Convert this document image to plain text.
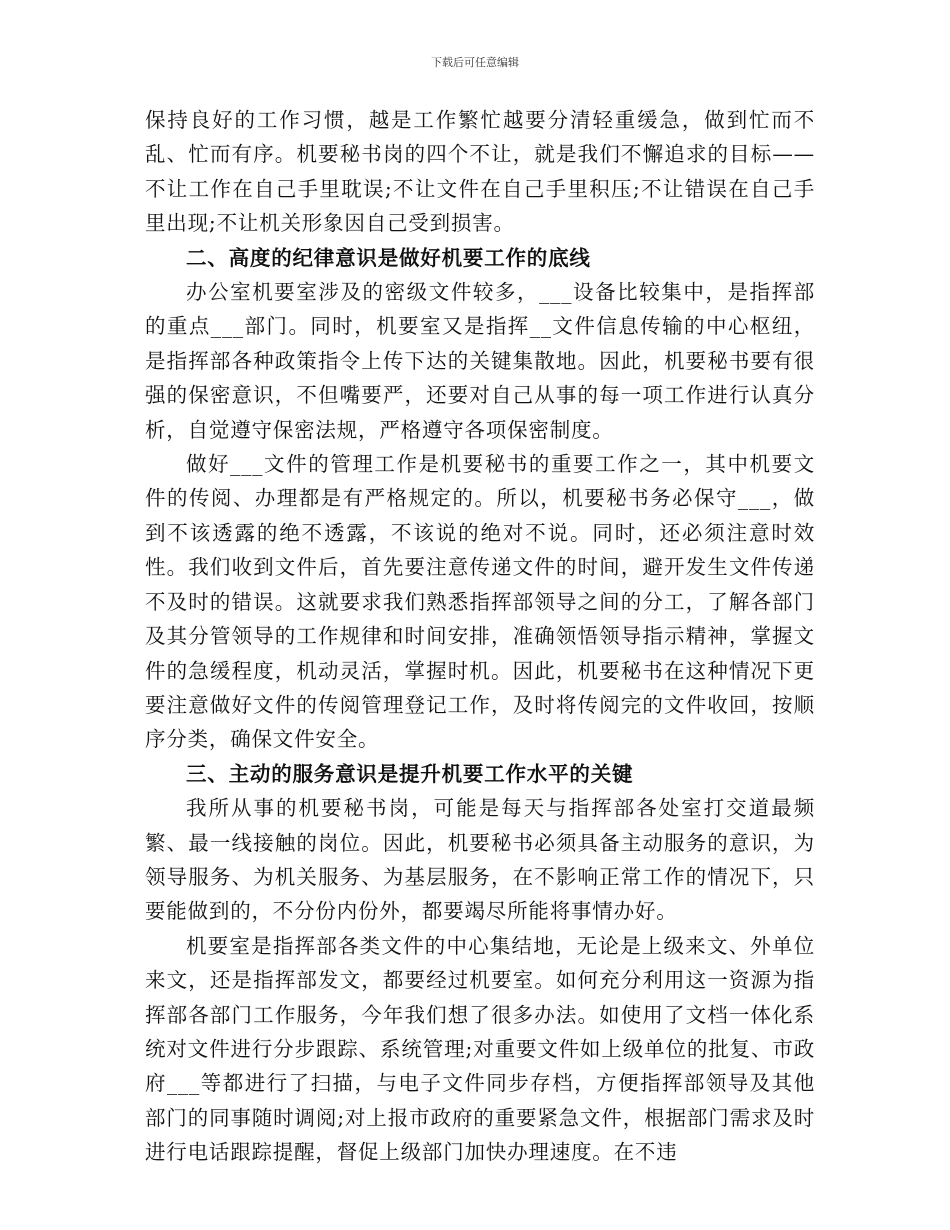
下载后可任意编辑

保持良好的工作习惯，越是工作繁忙越要分清轻重缓急，做到忙而不乱、忙而有序。机要秘书岗的四个不让，就是我们不懈追求的目标——不让工作在自己手里耽误;不让文件在自己手里积压;不让错误在自己手里出现;不让机关形象因自己受到损害。

二、高度的纪律意识是做好机要工作的底线

办公室机要室涉及的密级文件较多，___设备比较集中，是指挥部的重点___部门。同时，机要室又是指挥__文件信息传输的中心枢纽，是指挥部各种政策指令上传下达的关键集散地。因此，机要秘书要有很强的保密意识，不但嘴要严，还要对自己从事的每一项工作进行认真分析，自觉遵守保密法规，严格遵守各项保密制度。

做好___文件的管理工作是机要秘书的重要工作之一，其中机要文件的传阅、办理都是有严格规定的。所以，机要秘书务必保守___，做到不该透露的绝不透露，不该说的绝对不说。同时，还必须注意时效性。我们收到文件后，首先要注意传递文件的时间，避开发生文件传递不及时的错误。这就要求我们熟悉指挥部领导之间的分工，了解各部门及其分管领导的工作规律和时间安排，准确领悟领导指示精神，掌握文件的急缓程度，机动灵活，掌握时机。因此，机要秘书在这种情况下更要注意做好文件的传阅管理登记工作，及时将传阅完的文件收回，按顺序分类，确保文件安全。

三、主动的服务意识是提升机要工作水平的关键

我所从事的机要秘书岗，可能是每天与指挥部各处室打交道最频繁、最一线接触的岗位。因此，机要秘书必须具备主动服务的意识，为领导服务、为机关服务、为基层服务，在不影响正常工作的情况下，只要能做到的，不分份内份外，都要竭尽所能将事情办好。

机要室是指挥部各类文件的中心集结地，无论是上级来文、外单位来文，还是指挥部发文，都要经过机要室。如何充分利用这一资源为指挥部各部门工作服务，今年我们想了很多办法。如使用了文档一体化系统对文件进行分步跟踪、系统管理;对重要文件如上级单位的批复、市政府___等都进行了扫描，与电子文件同步存档，方便指挥部领导及其他部门的同事随时调阅;对上报市政府的重要紧急文件，根据部门需求及时进行电话跟踪提醒，督促上级部门加快办理速度。在不违
